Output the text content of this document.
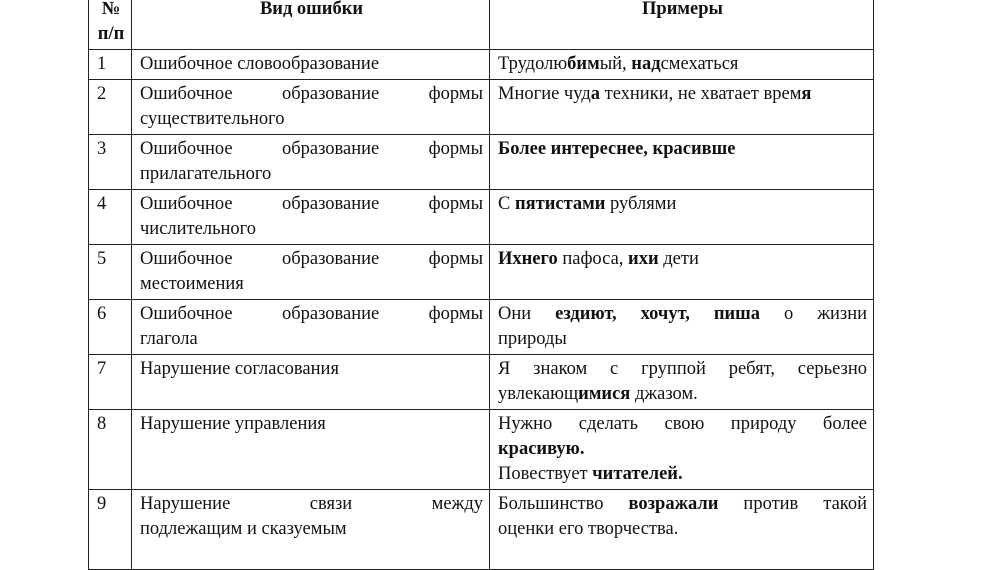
№
п/п	Вид ошибки	Примеры
1	Ошибочное словообразование	Трудолюбимый, надсмехаться

2	Ошибочное образование формы
существительного	Многие чуда техники, не хватает время

3	Ошибочное образование формы
прилагательного	Более интереснее, красивше

4	Ошибочное образование формы
числительного	С пятистами рублями

5	Ошибочное образование формы
местоимения	Ихнего пафоса, ихи дети

6	Ошибочное образование формы
глагола	Они ездиют, хочут, пиша о жизни
природы

7	Нарушение согласования	Я знаком с группой ребят, серьезно
увлекающимися джазом.

8	Нарушение управления	Нужно сделать свою природу более
красивую.
Повествует читателей.

9	Нарушение связи между
подлежащим и сказуемым	Большинство возражали против такой
оценки его творчества.
